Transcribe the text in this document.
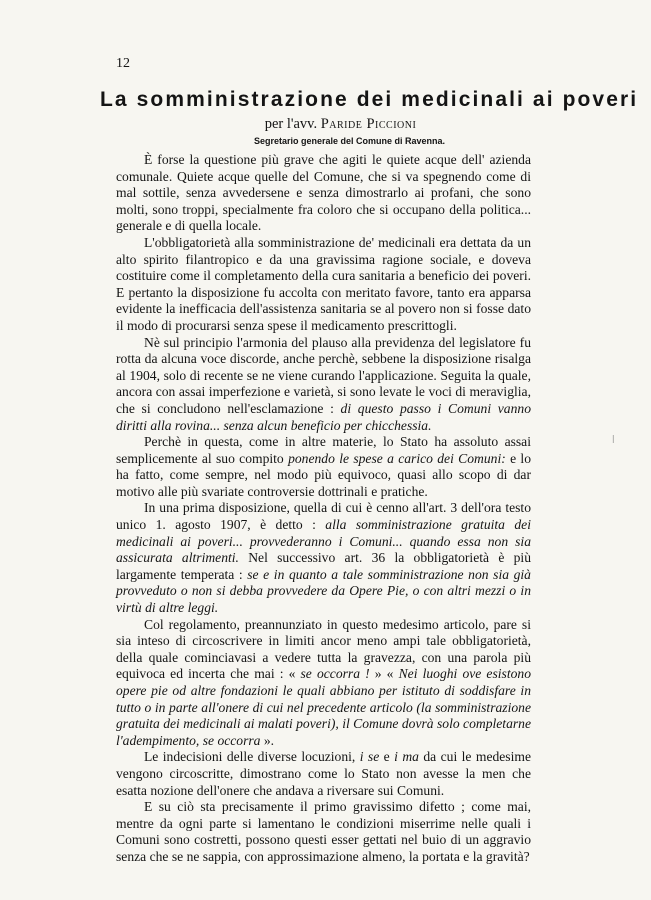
12
La somministrazione dei medicinali ai poveri
per l'avv. Paride Piccioni
Segretario generale del Comune di Ravenna.

È forse la questione più grave che agiti le quiete acque dell' azienda comunale. Quiete acque quelle del Comune, che si va spegnendo come di mal sottile, senza avvedersene e senza dimostrarlo ai profani, che sono molti, sono troppi, specialmente fra coloro che si occupano della politica... generale e di quella locale.

L'obbligatorietà alla somministrazione de' medicinali era dettata da un alto spirito filantropico e da una gravissima ragione sociale, e doveva costituire come il completamento della cura sanitaria a beneficio dei poveri. E pertanto la disposizione fu accolta con meritato favore, tanto era apparsa evidente la inefficacia dell'assistenza sanitaria se al povero non si fosse dato il modo di procurarsi senza spese il medicamento prescrittogli.

Nè sul principio l'armonia del plauso alla previdenza del legislatore fu rotta da alcuna voce discorde, anche perchè, sebbene la disposizione risalga al 1904, solo di recente se ne viene curando l'applicazione. Seguita la quale, ancora con assai imperfezione e varietà, si sono levate le voci di meraviglia, che si concludono nell'esclamazione : di questo passo i Comuni vanno diritti alla rovina... senza alcun beneficio per chicchessia.

Perchè in questa, come in altre materie, lo Stato ha assoluto assai semplicemente al suo compito ponendo le spese a carico dei Comuni: e lo ha fatto, come sempre, nel modo più equivoco, quasi allo scopo di dar motivo alle più svariate controversie dottrinali e pratiche.

In una prima disposizione, quella di cui è cenno all'art. 3 dell'ora testo unico 1. agosto 1907, è detto : alla somministrazione gratuita dei medicinali ai poveri... provvederanno i Comuni... quando essa non sia assicurata altrimenti. Nel successivo art. 36 la obbligatorietà è più largamente temperata : se e in quanto a tale somministrazione non sia già provveduto o non si debba provvedere da Opere Pie, o con altri mezzi o in virtù di altre leggi.

Col regolamento, preannunziato in questo medesimo articolo, pare si sia inteso di circoscrivere in limiti ancor meno ampi tale obbligatorietà, della quale cominciavasi a vedere tutta la gravezza, con una parola più equivoca ed incerta che mai : « se occorra ! » « Nei luoghi ove esistono opere pie od altre fondazioni le quali abbiano per istituto di soddisfare in tutto o in parte all'onere di cui nel precedente articolo (la somministrazione gratuita dei medicinali ai malati poveri), il Comune dovrà solo completarne l'adempimento, se occorra ».

Le indecisioni delle diverse locuzioni, i se e i ma da cui le medesime vengono circoscritte, dimostrano come lo Stato non avesse la men che esatta nozione dell'onere che andava a riversare sui Comuni.

E su ciò sta precisamente il primo gravissimo difetto ; come mai, mentre da ogni parte si lamentano le condizioni miserrime nelle quali i Comuni sono costretti, possono questi esser gettati nel buio di un aggravio senza che se ne sappia, con approssimazione almeno, la portata e la gravità?

ǀ
